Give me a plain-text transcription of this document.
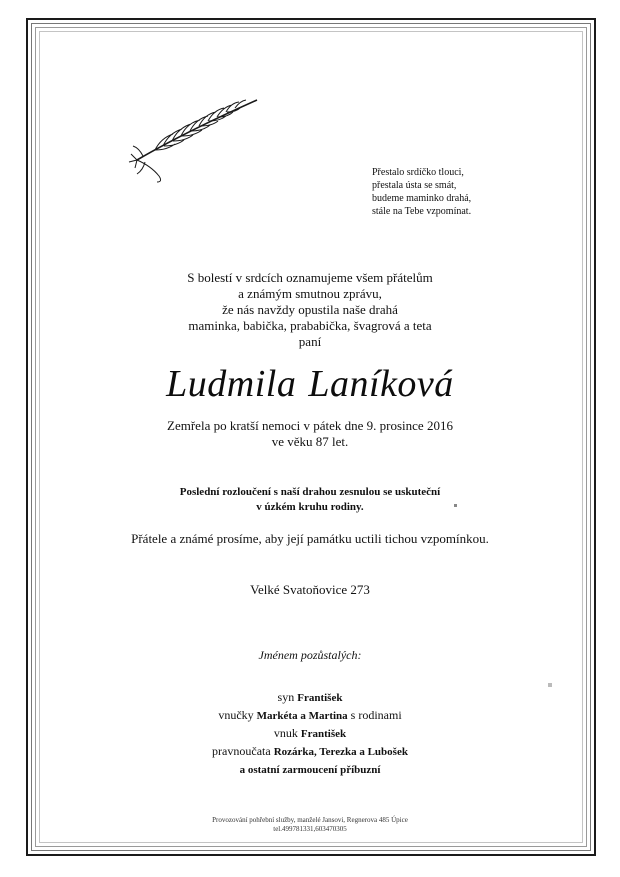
Přestalo srdíčko tlouci,
přestala ústa se smát,
budeme maminko drahá,
stále na Tebe vzpomínat.
S bolestí v srdcích oznamujeme všem přátelům
a známým smutnou zprávu,
že nás navždy opustila naše drahá
maminka, babička, prababička, švagrová a teta
paní
Ludmila Laníková
Zemřela po kratší nemoci v pátek dne 9. prosince 2016
ve věku 87 let.
Poslední rozloučení s naší drahou zesnulou se uskuteční
v úzkém kruhu rodiny.
Přátele a známé prosíme, aby její památku uctili tichou vzpomínkou.
Velké Svatoňovice 273
Jménem pozůstalých:
syn František
vnučky Markéta a Martina s rodinami
vnuk František
pravnoučata Rozárka, Terezka a Lubošek
a ostatní zarmoucení příbuzní
Provozování pohřební služby, manželé Jansovi, Regnerova 485 Úpice
tel.499781331,603470305
